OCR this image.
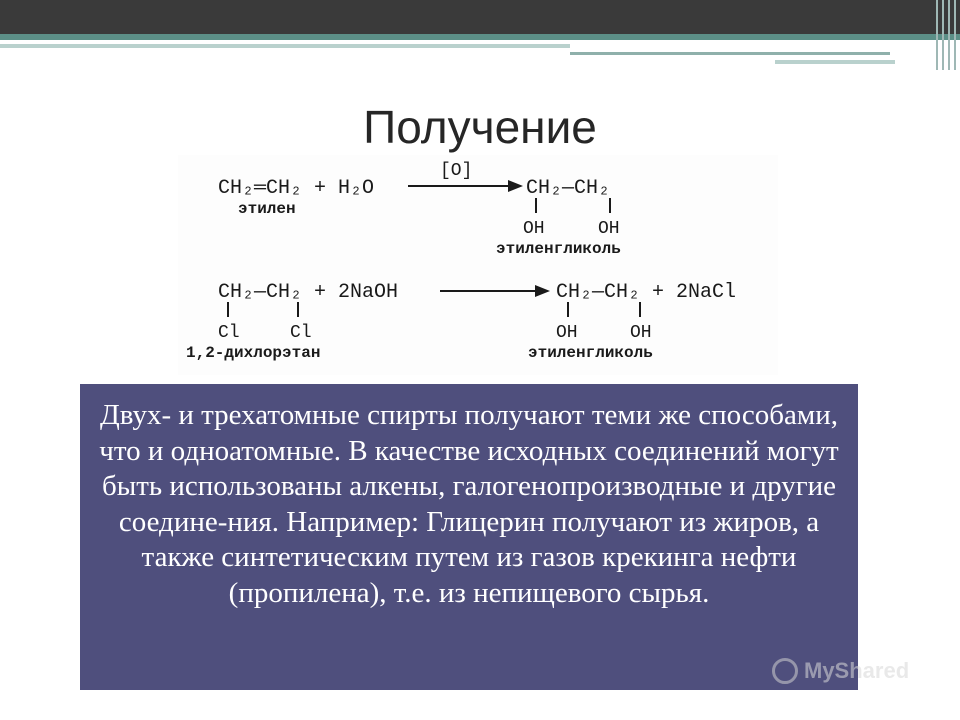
Получение
CH₂═CH₂ + H₂O
этилен
[O]
CH₂—CH₂
OH	OH
этиленгликоль
CH₂—CH₂ + 2NaOH
Cl	Cl
1,2-дихлорэтан
CH₂—CH₂ + 2NaCl
OH	OH
этиленгликоль

Двух- и трехатомные спирты получают теми же способами, что и одноатомные. В качестве исходных соединений могут быть использованы алкены, галогенопроизводные и другие соедине-ния. Например: Глицерин получают из жиров, а также синтетическим путем из газов крекинга нефти (пропилена), т.е. из непищевого сырья.

MyShared
